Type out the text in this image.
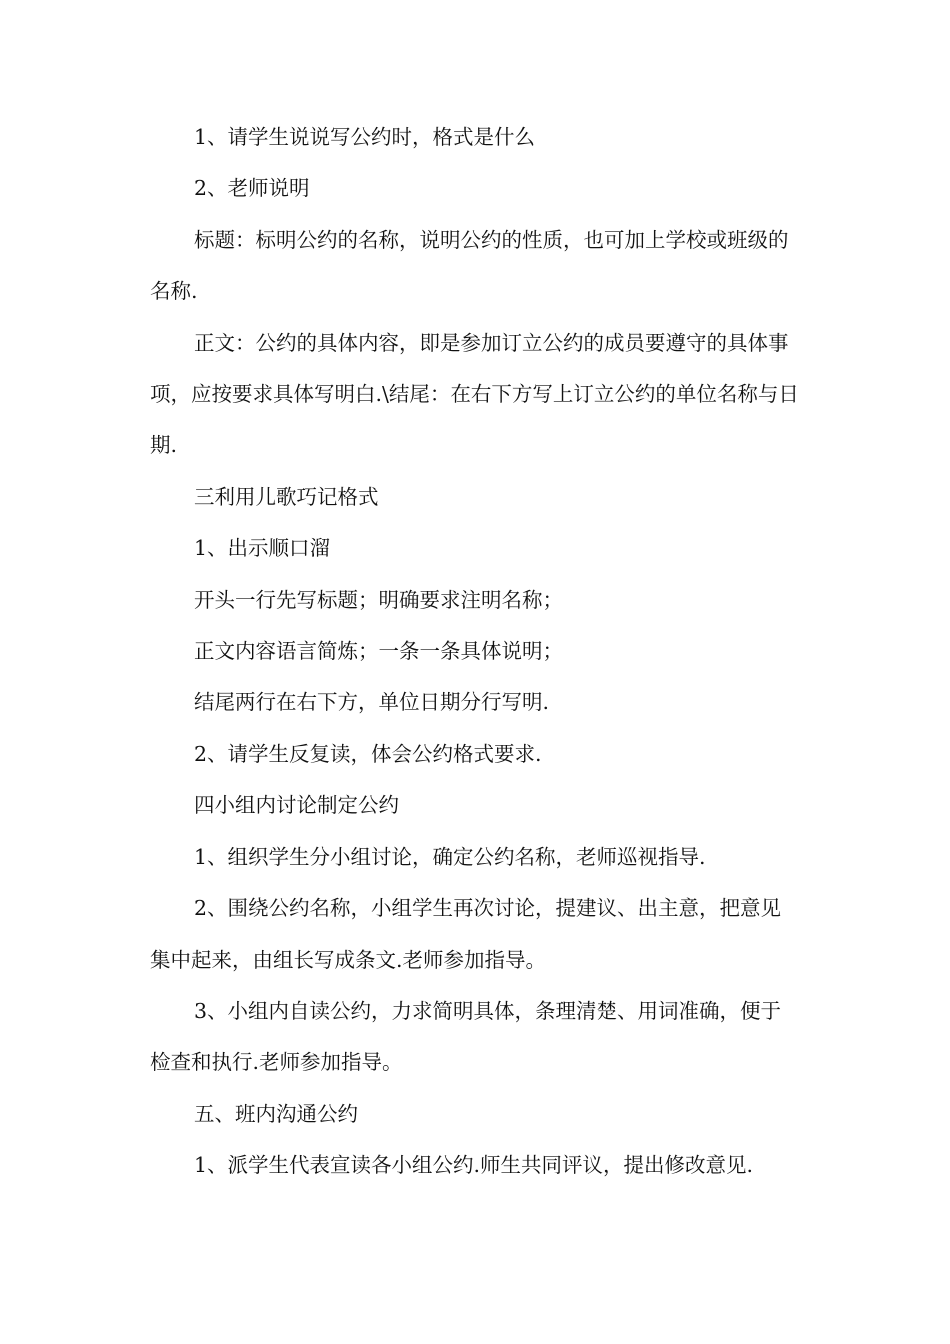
1、请学生说说写公约时，格式是什么

2、老师说明

标题：标明公约的名称，说明公约的性质，也可加上学校或班级的名称.

正文：公约的具体内容，即是参加订立公约的成员要遵守的具体事项，应按要求具体写明白.\结尾：在右下方写上订立公约的单位名称与日期.

三利用儿歌巧记格式

1、出示顺口溜

开头一行先写标题；明确要求注明名称；

正文内容语言简炼；一条一条具体说明；

结尾两行在右下方，单位日期分行写明.

2、请学生反复读，体会公约格式要求.

四小组内讨论制定公约

1、组织学生分小组讨论，确定公约名称，老师巡视指导.

2、围绕公约名称，小组学生再次讨论，提建议、出主意，把意见集中起来，由组长写成条文.老师参加指导。

3、小组内自读公约，力求简明具体，条理清楚、用词准确，便于检查和执行.老师参加指导。

五、班内沟通公约

1、派学生代表宣读各小组公约.师生共同评议，提出修改意见.
